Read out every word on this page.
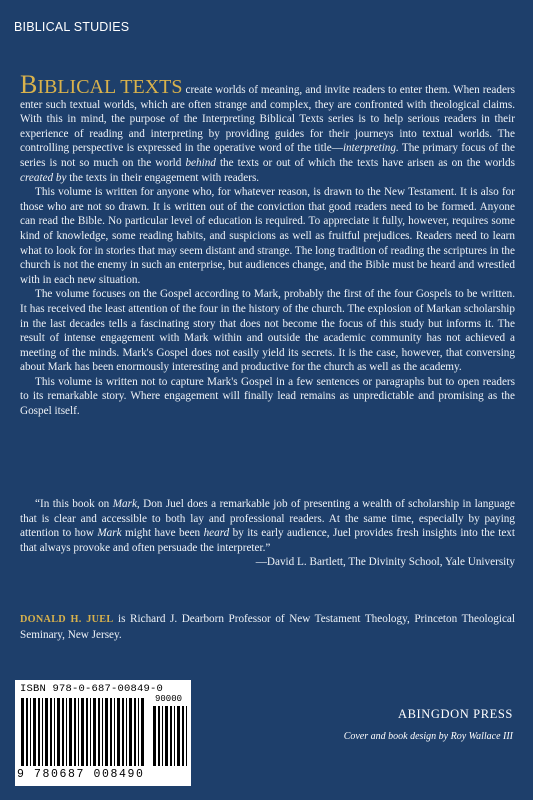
BIBLICAL STUDIES

BIBLICAL TEXTS create worlds of meaning, and invite readers to enter them. When readers enter such textual worlds, which are often strange and complex, they are confronted with theological claims. With this in mind, the purpose of the Interpreting Biblical Texts series is to help serious readers in their experience of reading and interpreting by providing guides for their journeys into textual worlds. The controlling perspective is expressed in the operative word of the title—interpreting. The primary focus of the series is not so much on the world behind the texts or out of which the texts have arisen as on the worlds created by the texts in their engagement with readers.

This volume is written for anyone who, for whatever reason, is drawn to the New Testament. It is also for those who are not so drawn. It is written out of the conviction that good readers need to be formed. Anyone can read the Bible. No particular level of education is required. To appreciate it fully, however, requires some kind of knowledge, some reading habits, and suspicions as well as fruitful prejudices. Readers need to learn what to look for in stories that may seem distant and strange. The long tradition of reading the scriptures in the church is not the enemy in such an enterprise, but audiences change, and the Bible must be heard and wrestled with in each new situation.

The volume focuses on the Gospel according to Mark, probably the first of the four Gospels to be written. It has received the least attention of the four in the history of the church. The explosion of Markan scholarship in the last decades tells a fascinating story that does not become the focus of this study but informs it. The result of intense engagement with Mark within and outside the academic community has not achieved a meeting of the minds. Mark's Gospel does not easily yield its secrets. It is the case, however, that conversing about Mark has been enormously interesting and productive for the church as well as the academy.

This volume is written not to capture Mark's Gospel in a few sentences or paragraphs but to open readers to its remarkable story. Where engagement will finally lead remains as unpredictable and promising as the Gospel itself.

“In this book on Mark, Don Juel does a remarkable job of presenting a wealth of scholarship in language that is clear and accessible to both lay and professional readers. At the same time, especially by paying attention to how Mark might have been heard by its early audience, Juel provides fresh insights into the text that always provoke and often persuade the interpreter.”

—David L. Bartlett, The Divinity School, Yale University

DONALD H. JUEL is Richard J. Dearborn Professor of New Testament Theology, Princeton Theological Seminary, New Jersey.
ISBN 978-0-687-00849-0
90000
9 780687 008490
ABINGDON PRESS
Cover and book design by Roy Wallace III
